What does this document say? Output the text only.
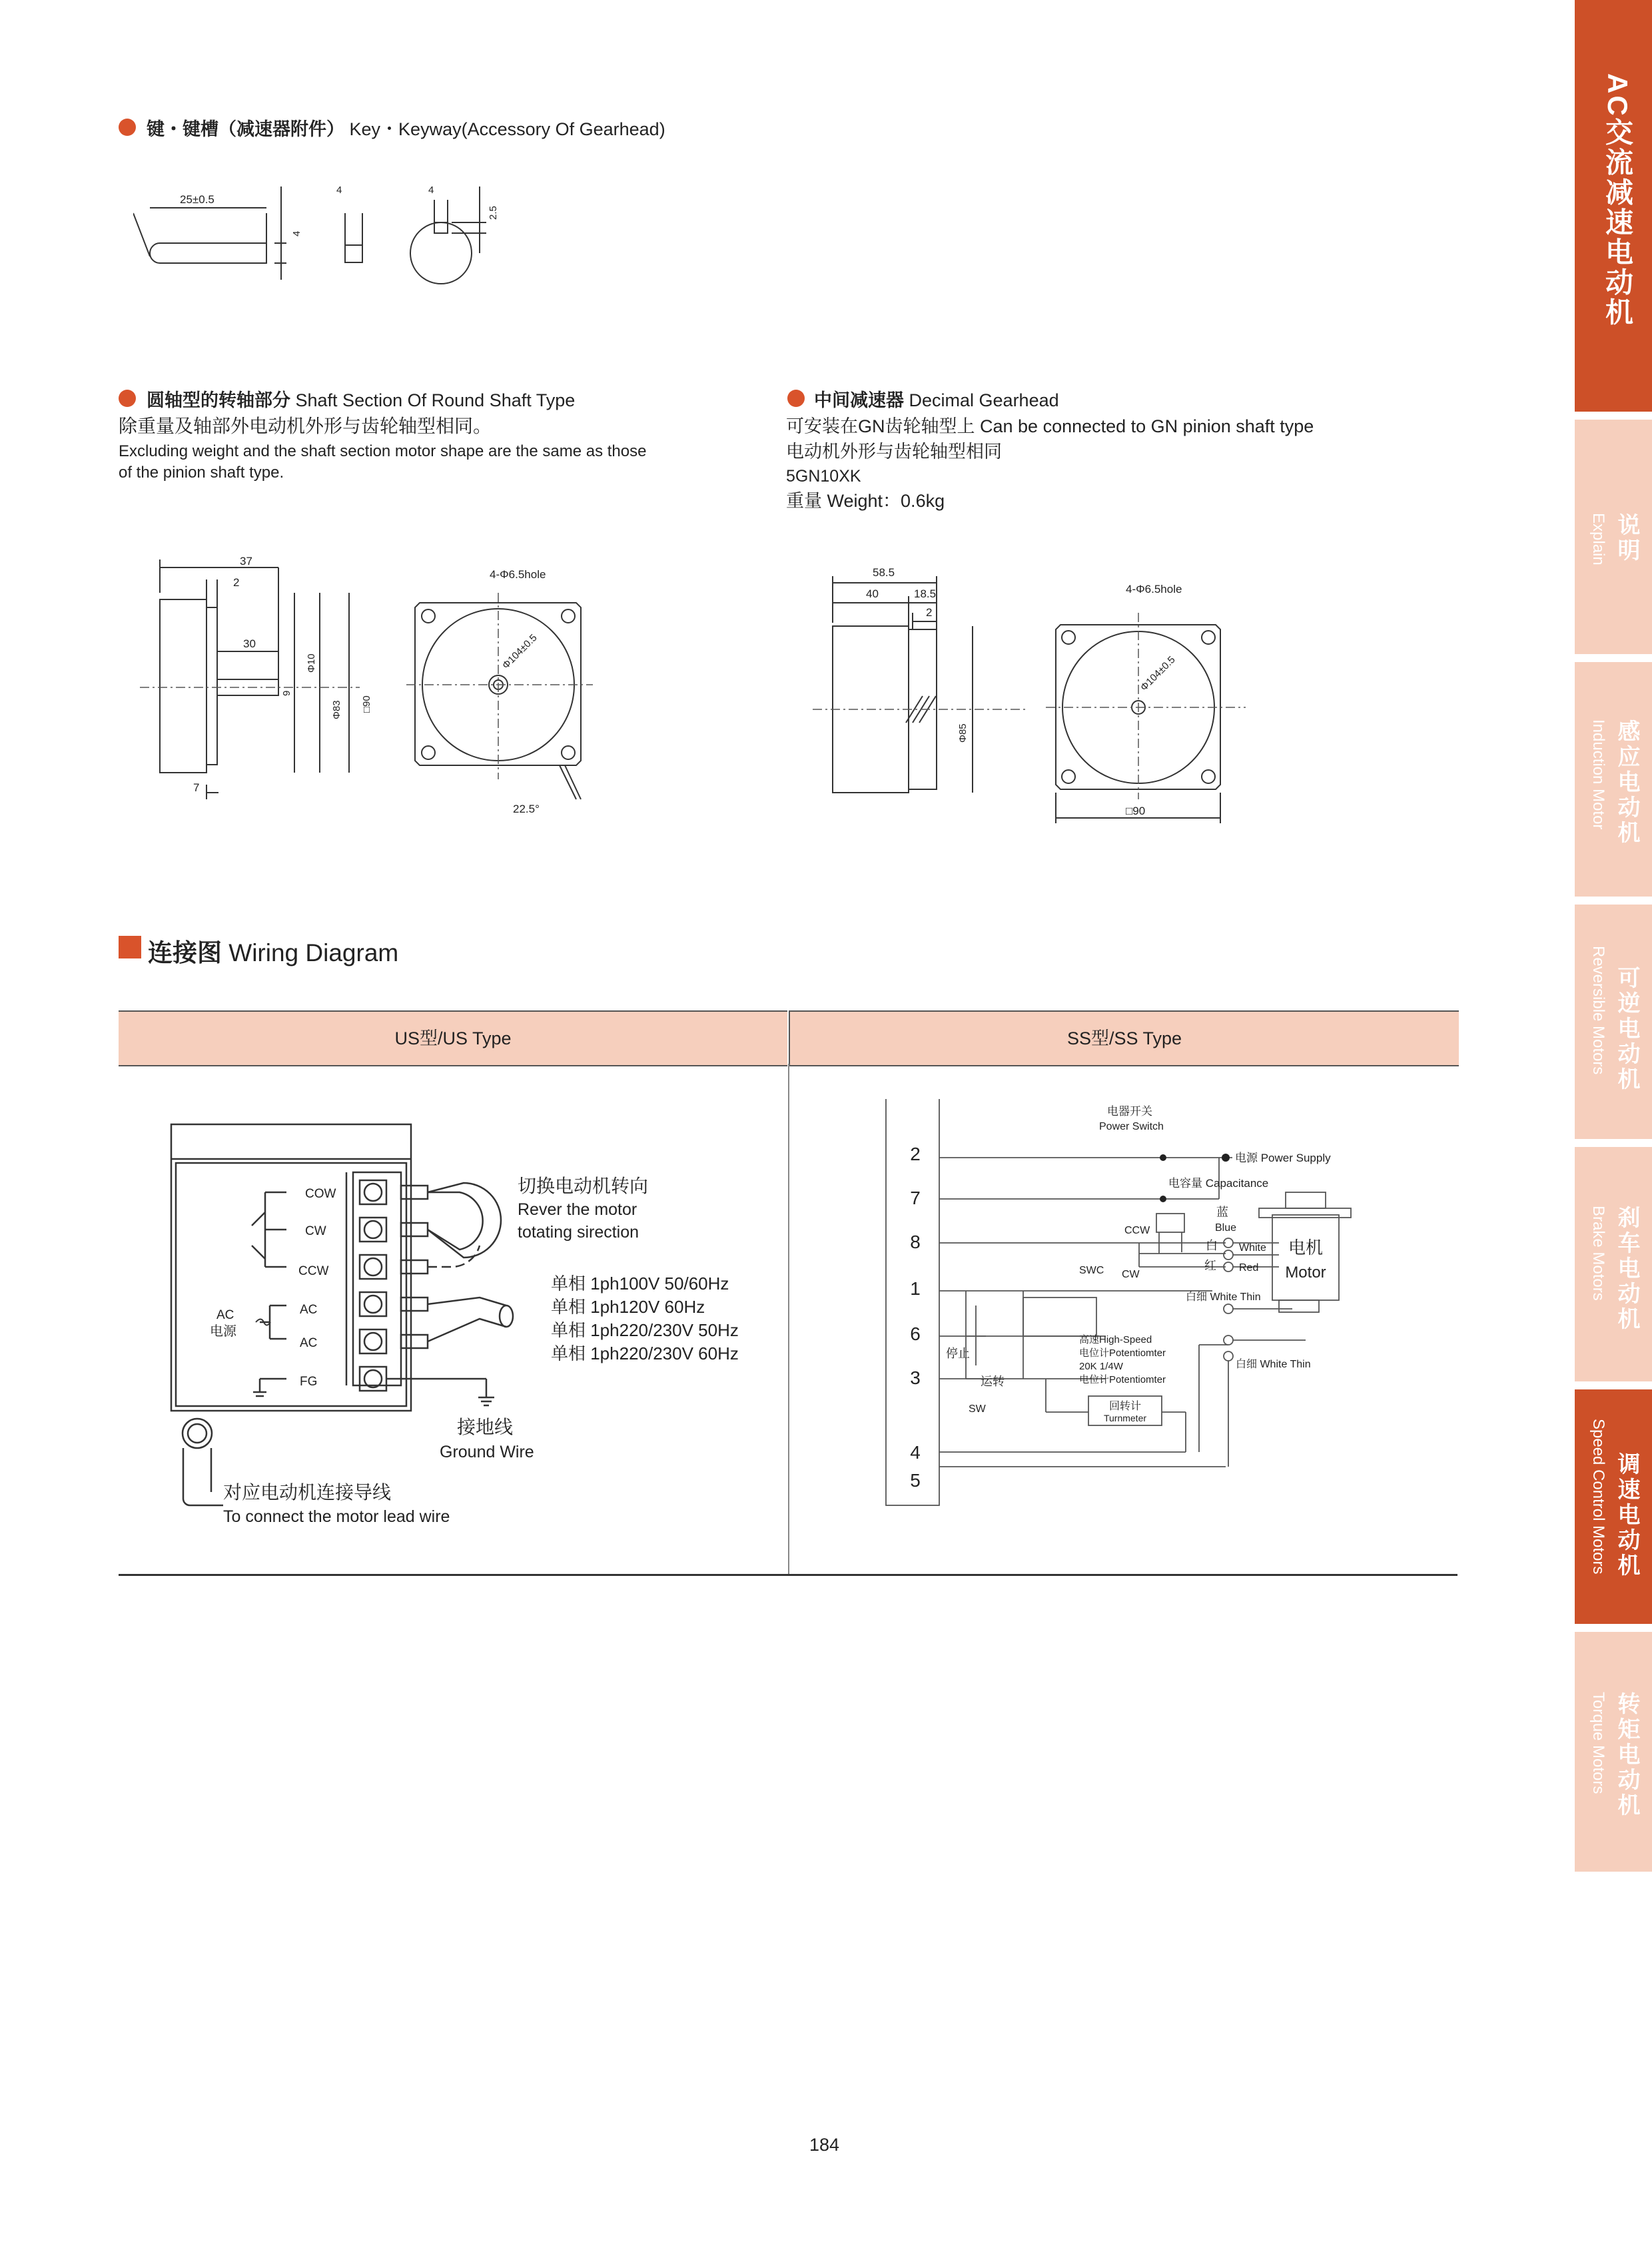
键・键槽（减速器附件） Key・Keyway(Accessory Of Gearhead)
25±0.5
4
4	4
2.5
圆轴型的转轴部分 Shaft Section Of Round Shaft Type
除重量及轴部外电动机外形与齿轮轴型相同。
Excluding weight and the shaft section motor shape are the same as those
of the pinion shaft type.
37
2
30
9
7
Φ10
Φ83 □90
4-Φ6.5hole
Φ104±0.5
22.5°
中间减速器 Decimal Gearhead
可安装在GN齿轮轴型上 Can be connected to GN pinion shaft type
电动机外形与齿轮轴型相同
5GN10XK
重量 Weight：0.6kg
58.5
40	18.5
2
Φ85
4-Φ6.5hole
Φ104±0.5
□90
连接图 Wiring Diagram
US型/US Type	SS型/SS Type
COW
CW
CCW
AC
AC
FG
AC
电源
切换电动机转向
Rever the motor
totating sirection
单相 1ph100V 50/60Hz
单相 1ph120V 60Hz
单相 1ph220/230V 50Hz
单相 1ph220/230V 60Hz
接地线
Ground Wire
对应电动机连接导线
To connect the motor lead wire
2
7
8
1
6
3
4
5
电器开关
Power Switch
电源 Power Supply
电容量 Capacitance
CCW
CW
SWC
蓝
Blue
白 White
红 Red
白细 White Thin
白细 White Thin
电机
Motor
停止
运转
SW
高速High-Speed
电位计Potentiomter
20K 1/4W
电位计Potentiomter
回转计
Turnmeter
184
AC交流减速电动机
说明
Explain
感应电动机
Induction Motor
可逆电动机
Reversible Motors
刹车电动机
Brake Motors
调速电动机
Speed Control Motors
转矩电动机
Torque Motors
